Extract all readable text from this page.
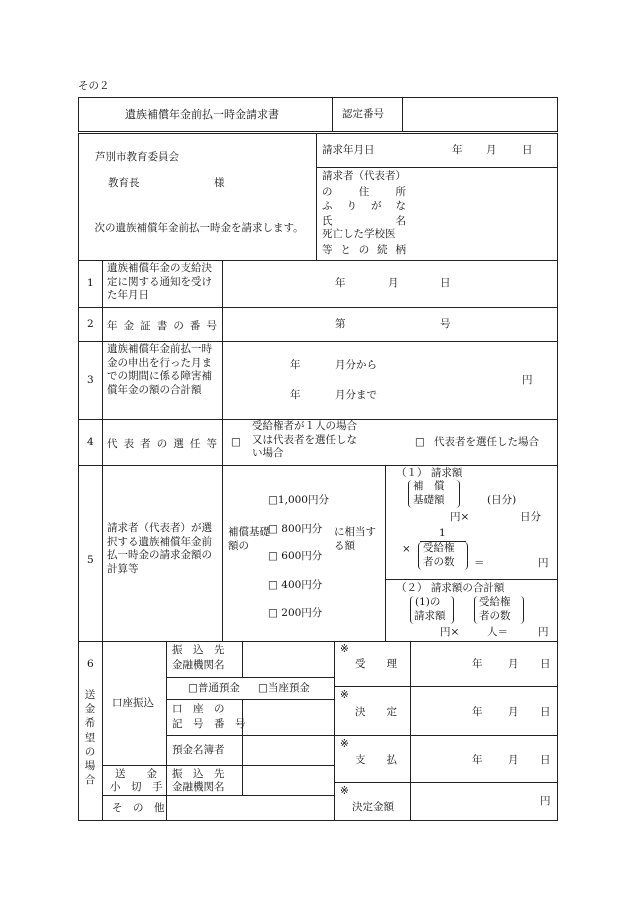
その２
遺族補償年金前払一時金請求書	認定番号
芦別市教育委員会
教育長	様
次の遺族補償年金前払一時金を請求します。
請求年月日	年 月 日
請求者（代表者）
の	住	所
ふ り が な
氏	名
死亡した学校医
等 と の 続 柄
1
遺族補償年金の支給決定に関する通知を受けた年月日
年	月	日
2 年 金 証 書 の 番 号	第	号
3
遺族補償年金前払一時金の申出を行った月までの期間に係る障害補償年金の額の合計額
年	月分から
年	月分まで
円
4 代 表 者 の 選 任 等
□
受給権者が１人の場合又は代表者を選任しない場合
□
代表者を選任した場合
5
請求者（代表者）が選択する遺族補償年金前払一時金の請求金額の計算等
補償基礎額の
□ 1,000円分
□ 800円分
□ 600円分
□ 400円分
□ 200円分
に相当する額
（１） 請求額
補　償
基礎額	(日分)
円×	日分
1
× 受給権
者の数 ＝	円
（２） 請求額の合計額
(1)の
請求額
受給権
者の数
円×	人＝	円
6
送
金
希
望
の
場
合
口座振込
振　込　先
金融機関名
□ 普通預金
□	当座預金
口　座　の
記　号　番　号
預金名簿者
送　　金
小　切　手
振　込　先
金融機関名
そ　の　他
※
受　　理	年 月 日
※
決　　定	年 月 日
※
支　　払	年 月 日
※
決定金額	円
